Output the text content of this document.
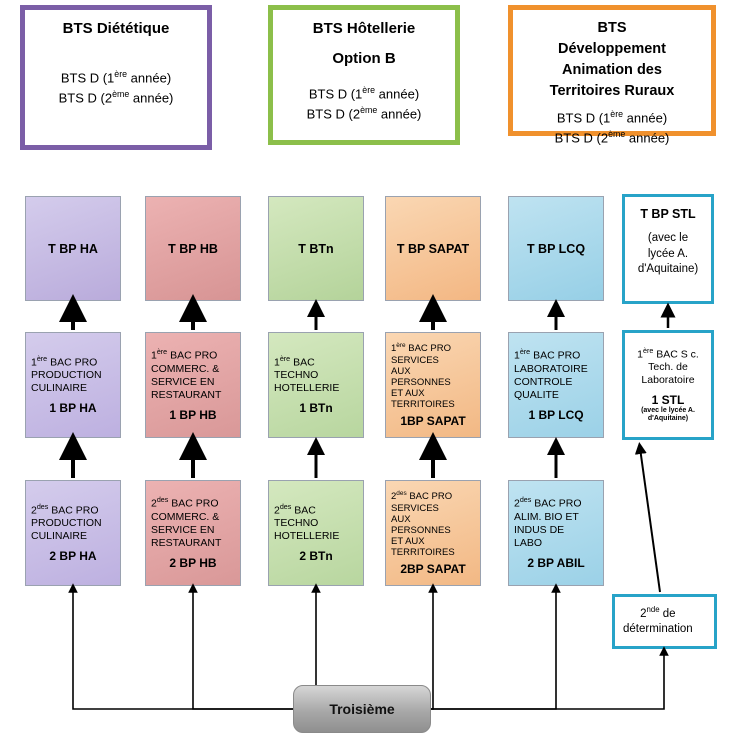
BTS Diététique
BTS D (1ère année)
BTS D (2ème année)
BTS Hôtellerie
Option B
BTS D (1ère année)
BTS D (2ème année)
BTS
Développement
Animation des
Territoires Ruraux
BTS D (1ère année)
BTS D (2ème année)
T BP HA	T BP HB	T BTn	T BP SAPAT	T BP LCQ
T BP STL
(avec le
lycée A.
d'Aquitaine)
1ère BAC PRO
PRODUCTION
CULINAIRE
1 BP HA
1ère BAC PRO
COMMERC. &
SERVICE EN
RESTAURANT
1 BP HB
1ère BAC
TECHNO
HOTELLERIE
1 BTn
1ère BAC PRO
SERVICES
AUX
PERSONNES
ET AUX
TERRITOIRES
1BP SAPAT
1ère BAC PRO
LABORATOIRE
CONTROLE
QUALITE
1 BP LCQ
1ère BAC S c.
Tech. de
Laboratoire
1 STL
(avec le lycée A.
d'Aquitaine)
$2^{des}$ BAC PRO
PRODUCTION
CULINAIRE
2 BP HA
$2^{des}$ BAC PRO
COMMERC. &
SERVICE EN
RESTAURANT
2 BP HB
$2^{des}$ BAC
TECHNO
HOTELLERIE
2 BTn
$2^{des}$ BAC PRO
SERVICES
AUX
PERSONNES
ET AUX
TERRITOIRES
2BP SAPAT
$2^{des}$ BAC PRO
ALIM. BIO ET
INDUS DE
LABO
2 BP ABIL
2nde de
détermination
Troisième
